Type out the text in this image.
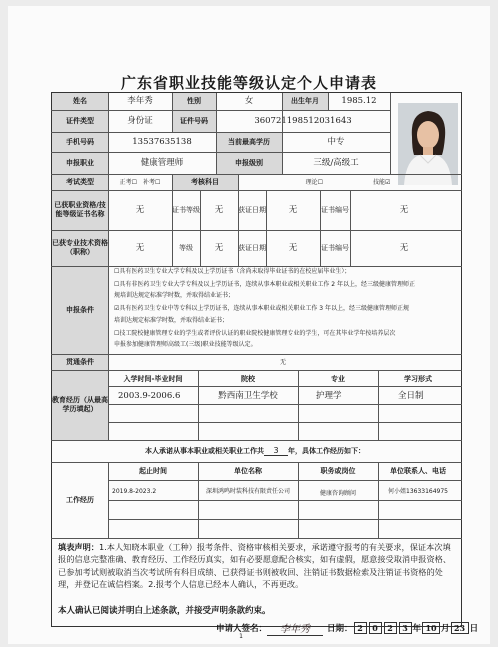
广东省职业技能等级认定个人申请表
姓名	李年秀	性别	女	出生年月	1985.12
证件类型	身份证	证件号码	360721198512031643
手机号码	13537635138	当前最高学历	中专
申报职业	健康管理师	申报级别	三级/高级工
考试类型	正考☐ 补考☐	考核科目	理论☐	技能☑
已获职业资格/技能等级证书名称	无	证书等级	无	获证日期	无	证书编号	无
已获专业技术资格（职称）	无	等级	无	获证日期	无	证书编号	无
申报条件
☐具有医药卫生专业大学专科及以上学历证书（含尚未取得毕业证书的在校应届毕业生）；
☐具有非医药卫生专业大学专科及以上学历证书，连续从事本职业或相关职业工作 2 年以上，经三级健康管理师正
规培训达规定标准学时数，并取得结业证书；
☑具有医药卫生专业中等专科以上学历证书，连续从事本职业或相关职业工作 3 年以上，经三级健康管理师正规
培训达规定标准学时数，并取得结业证书；
☐技工院校健康管理专业的学生或者评价认证的职业院校健康管理专业的学生，可在其毕业学年按培养层次
申报参加健康管理师高级工(三级)职业技能等级认定。
贯通条件	无
教育经历（从最高学历填起）
入学时间-毕业时间	院校	专业	学习形式
2003.9-2006.6	黔西南卫生学校	护理学	全日制
本人承诺从事本职业或相关职业工作共	3	年，具体工作经历如下：
工作经历
起止时间	单位名称	职务或岗位	单位联系人、电话
2019.8-2023.2	深圳鸿鸣时装科技有限责任公司	健康咨询顾问	何小姐13633164975
填表声明：1.本人知晓本职业（工种）报考条件、资格审核相关要求，承诺遵守报考的有关要求，保证本次填报的信息完整准确、教育经历、工作经历真实，如有必要愿意配合核实，如有虚假，愿意接受取消申报资格、已参加考试则被取消当次考试所有科目成绩、已获得证书则被收回、注销证书数据检索及注销证书资格的处理，并登记在诚信档案。2.报考个人信息已经本人确认，不再更改。
本人确认已阅读并明白上述条款，并接受声明条款约束。
申请人签名：	李年秀	日期： 2	0	2	3 年 10 月 23 日
1
